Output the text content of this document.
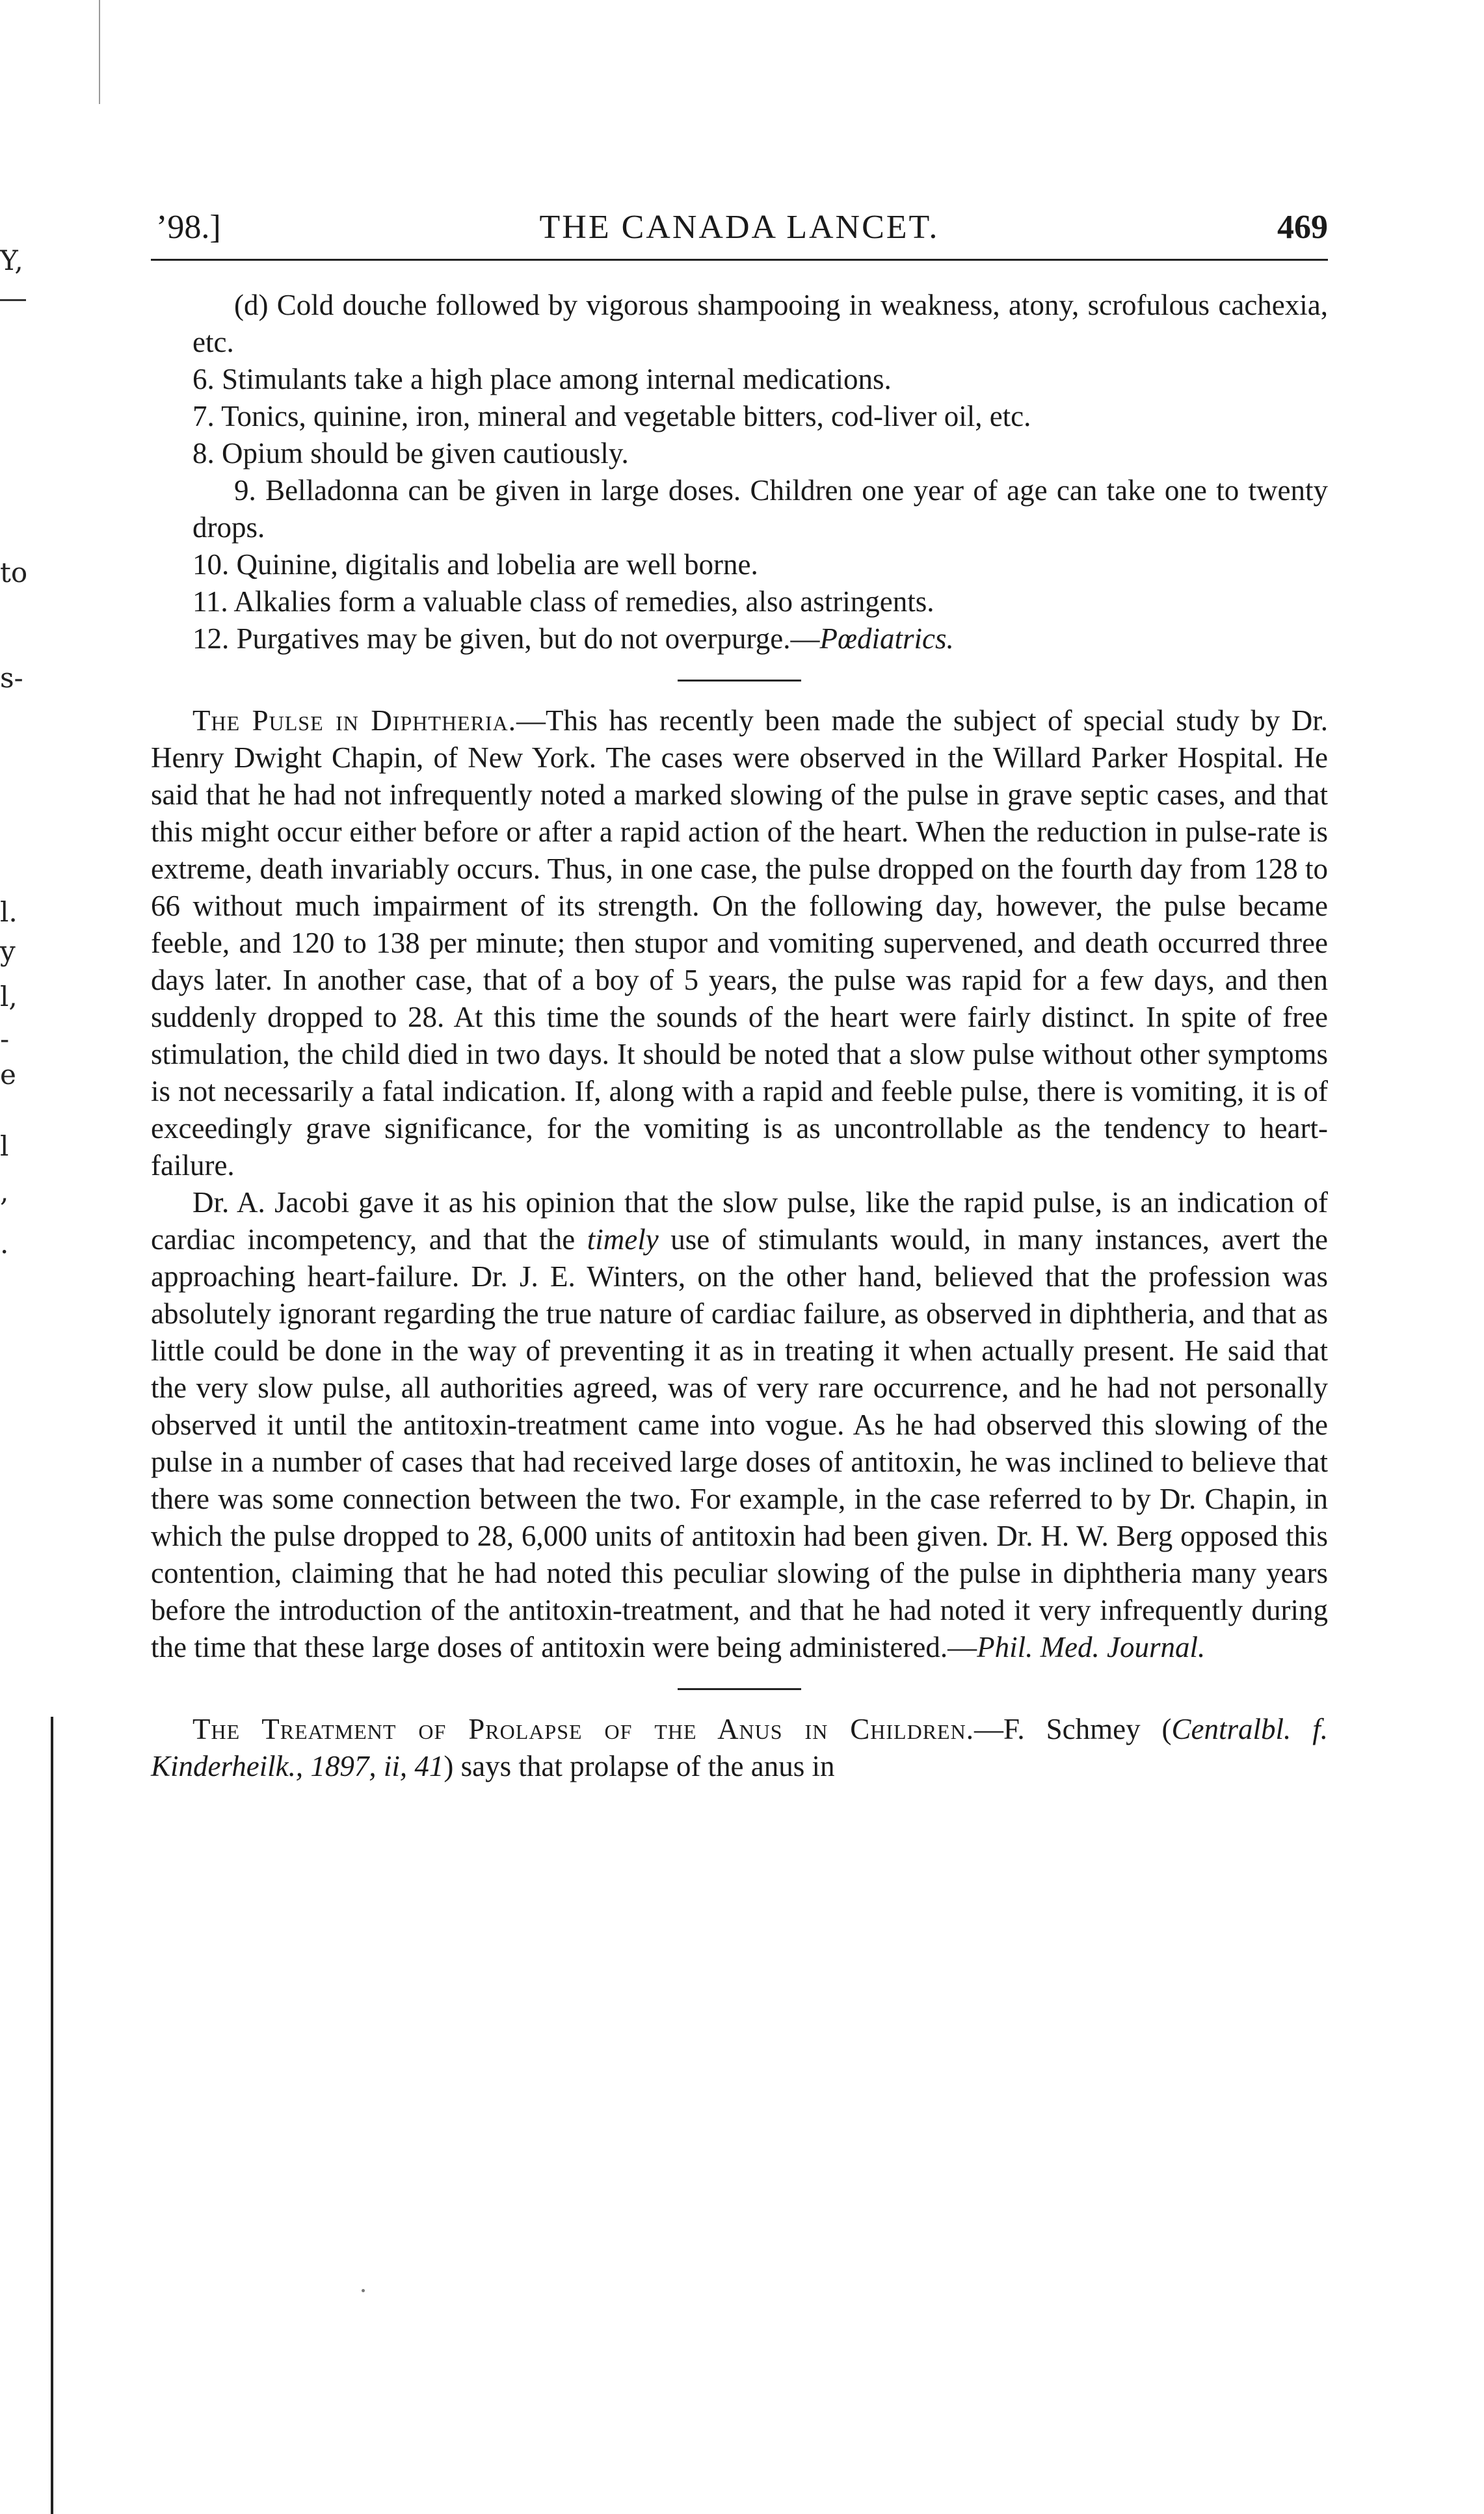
Y,
to
s-
l.
y
l,
-
e
l
,
.
’98.]	THE CANADA LANCET.	469

(d) Cold douche followed by vigorous shampooing in weakness, atony, scrofulous cachexia, etc.

6. Stimulants take a high place among internal medications.

7. Tonics, quinine, iron, mineral and vegetable bitters, cod-liver oil, etc.

8. Opium should be given cautiously.

9. Belladonna can be given in large doses. Children one year of age can take one to twenty drops.

10. Quinine, digitalis and lobelia are well borne.

11. Alkalies form a valuable class of remedies, also astringents.

12. Purgatives may be given, but do not overpurge.—Pœdiatrics.

The Pulse in Diphtheria.—This has recently been made the subject of special study by Dr. Henry Dwight Chapin, of New York. The cases were observed in the Willard Parker Hospital. He said that he had not infrequently noted a marked slowing of the pulse in grave septic cases, and that this might occur either before or after a rapid action of the heart. When the reduction in pulse-rate is extreme, death invariably occurs. Thus, in one case, the pulse dropped on the fourth day from 128 to 66 without much impairment of its strength. On the following day, however, the pulse became feeble, and 120 to 138 per minute; then stupor and vomiting supervened, and death occurred three days later. In another case, that of a boy of 5 years, the pulse was rapid for a few days, and then suddenly dropped to 28. At this time the sounds of the heart were fairly distinct. In spite of free stimulation, the child died in two days. It should be noted that a slow pulse without other symptoms is not necessarily a fatal indication. If, along with a rapid and feeble pulse, there is vomiting, it is of exceedingly grave significance, for the vomiting is as uncontrollable as the tendency to heart-failure.

Dr. A. Jacobi gave it as his opinion that the slow pulse, like the rapid pulse, is an indication of cardiac incompetency, and that the timely use of stimulants would, in many instances, avert the approaching heart-failure. Dr. J. E. Winters, on the other hand, believed that the profession was absolutely ignorant regarding the true nature of cardiac failure, as observed in diphtheria, and that as little could be done in the way of preventing it as in treating it when actually present. He said that the very slow pulse, all authorities agreed, was of very rare occurrence, and he had not personally observed it until the antitoxin-treatment came into vogue. As he had observed this slowing of the pulse in a number of cases that had received large doses of antitoxin, he was inclined to believe that there was some connection between the two. For example, in the case referred to by Dr. Chapin, in which the pulse dropped to 28, 6,000 units of antitoxin had been given. Dr. H. W. Berg opposed this contention, claiming that he had noted this peculiar slowing of the pulse in diphtheria many years before the introduction of the antitoxin-treatment, and that he had noted it very infrequently during the time that these large doses of antitoxin were being administered.—Phil. Med. Journal.

The Treatment of Prolapse of the Anus in Children.—F. Schmey (Centralbl. f. Kinderheilk., 1897, ii, 41) says that prolapse of the anus in
